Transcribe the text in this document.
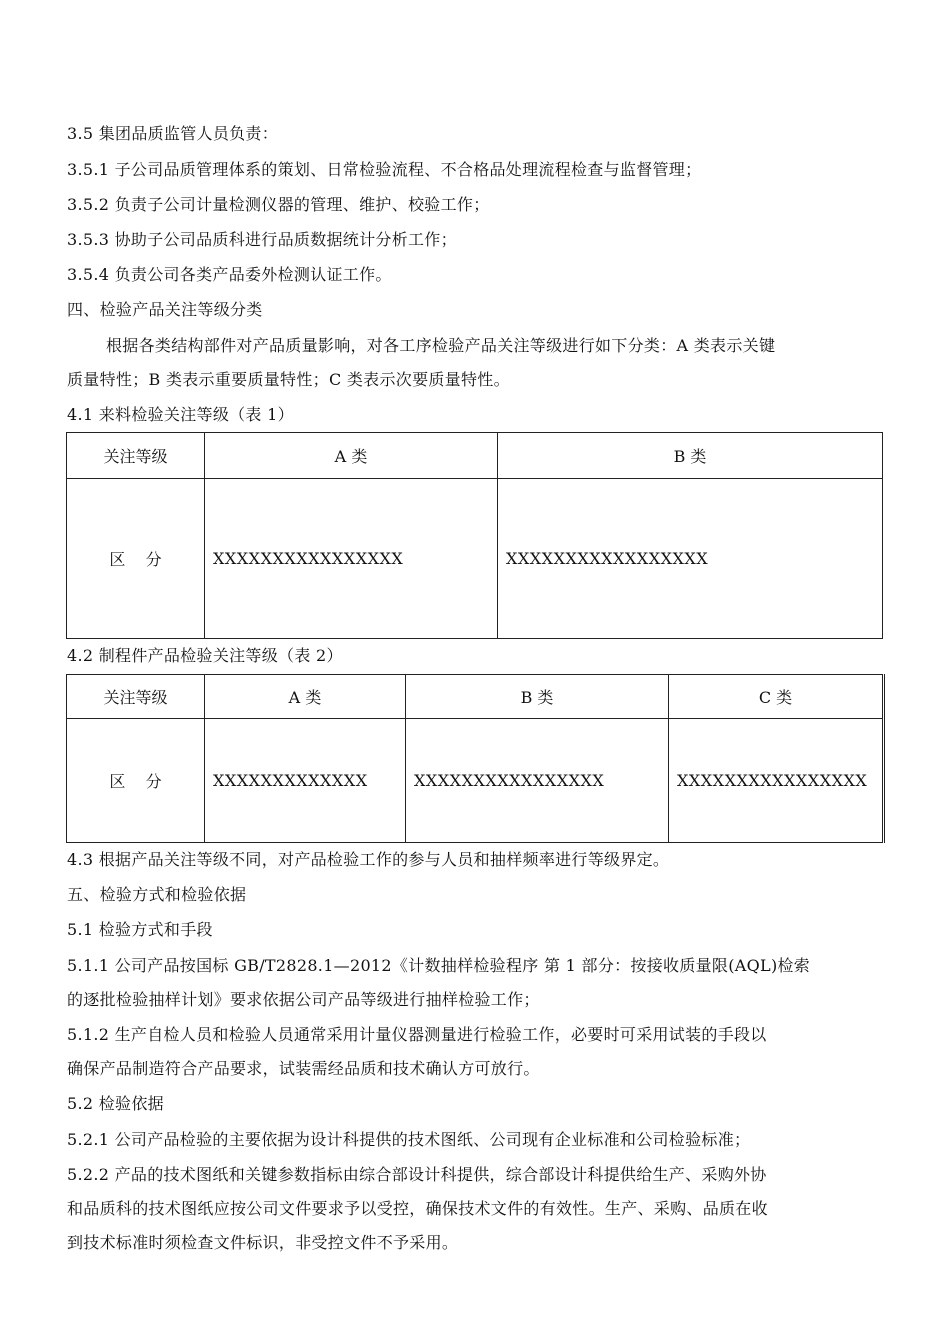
3.5 集团品质监管人员负责：
3.5.1 子公司品质管理体系的策划、日常检验流程、不合格品处理流程检查与监督管理；
3.5.2 负责子公司计量检测仪器的管理、维护、校验工作；
3.5.3 协助子公司品质科进行品质数据统计分析工作；
3.5.4 负责公司各类产品委外检测认证工作。
四、检验产品关注等级分类
根据各类结构部件对产品质量影响，对各工序检验产品关注等级进行如下分类：A 类表示关键
质量特性；B 类表示重要质量特性；C 类表示次要质量特性。
4.1 来料检验关注等级（表 1）
关注等级	A 类	B 类
区    分	XXXXXXXXXXXXXXXX	XXXXXXXXXXXXXXXXX
4.2 制程件产品检验关注等级（表 2）
关注等级	A 类	B 类	C 类
区    分	XXXXXXXXXXXXX	XXXXXXXXXXXXXXXX	XXXXXXXXXXXXXXXX
4.3 根据产品关注等级不同，对产品检验工作的参与人员和抽样频率进行等级界定。
五、检验方式和检验依据
5.1 检验方式和手段
5.1.1 公司产品按国标 GB/T2828.1—2012《计数抽样检验程序 第 1 部分：按接收质量限(AQL)检索
的逐批检验抽样计划》要求依据公司产品等级进行抽样检验工作；
5.1.2 生产自检人员和检验人员通常采用计量仪器测量进行检验工作，必要时可采用试装的手段以
确保产品制造符合产品要求，试装需经品质和技术确认方可放行。
5.2 检验依据
5.2.1 公司产品检验的主要依据为设计科提供的技术图纸、公司现有企业标准和公司检验标准；
5.2.2 产品的技术图纸和关键参数指标由综合部设计科提供，综合部设计科提供给生产、采购外协
和品质科的技术图纸应按公司文件要求予以受控，确保技术文件的有效性。生产、采购、品质在收
到技术标准时须检查文件标识，非受控文件不予采用。
